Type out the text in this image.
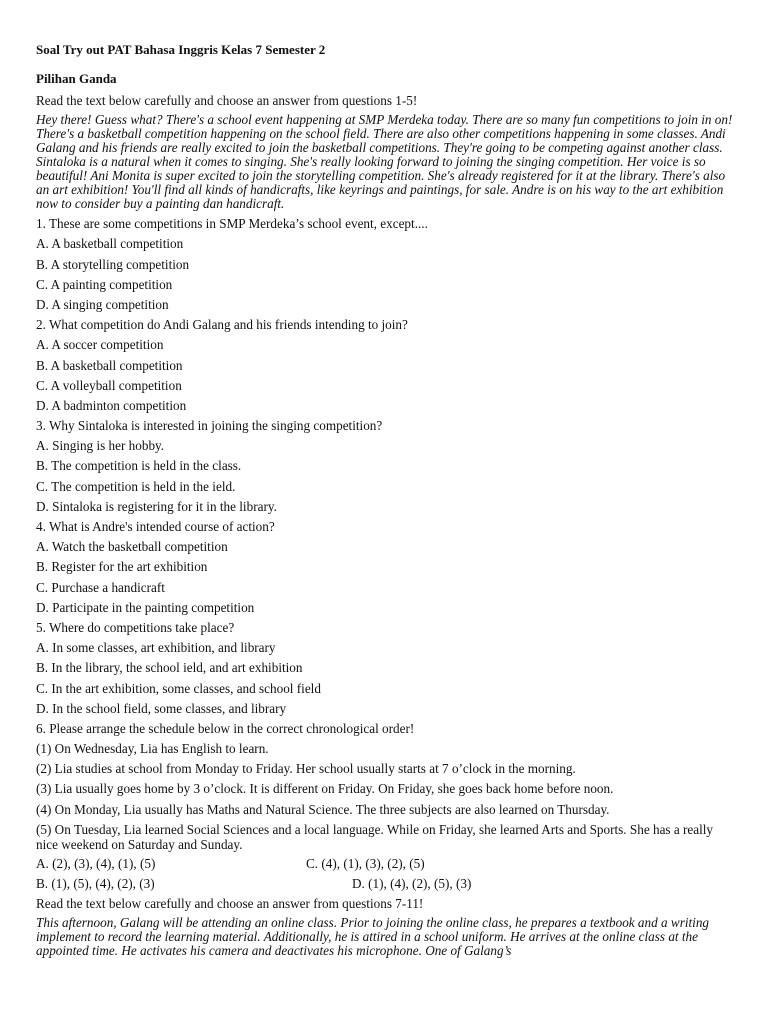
Soal Try out PAT Bahasa Inggris Kelas 7 Semester 2
Pilihan Ganda
Read the text below carefully and choose an answer from questions 1-5!
Hey there! Guess what? There's a school event happening at SMP Merdeka today. There are so many fun competitions to join in on! There's a basketball competition happening on the school field. There are also other competitions happening in some classes. Andi Galang and his friends are really excited to join the basketball competitions. They're going to be competing against another class. Sintaloka is a natural when it comes to singing. She's really looking forward to joining the singing competition. Her voice is so beautiful! Ani Monita is super excited to join the storytelling competition. She's already registered for it at the library. There's also an art exhibition! You'll find all kinds of handicrafts, like keyrings and paintings, for sale. Andre is on his way to the art exhibition now to consider buy a painting dan handicraft.
1. These are some competitions in SMP Merdeka’s school event, except....
A. A basketball competition
B. A storytelling competition
C. A painting competition
D. A singing competition
2. What competition do Andi Galang and his friends intending to join?
A. A soccer competition
B. A basketball competition
C. A volleyball competition
D. A badminton competition
3. Why Sintaloka is interested in joining the singing competition?
A. Singing is her hobby.
B. The competition is held in the class.
C. The competition is held in the ield.
D. Sintaloka is registering for it in the library.
4. What is Andre's intended course of action?
A. Watch the basketball competition
B. Register for the art exhibition
C. Purchase a handicraft
D. Participate in the painting competition
5. Where do competitions take place?
A. In some classes, art exhibition, and library
B. In the library, the school ield, and art exhibition
C. In the art exhibition, some classes, and school field
D. In the school field, some classes, and library
6. Please arrange the schedule below in the correct chronological order!
(1) On Wednesday, Lia has English to learn.
(2) Lia studies at school from Monday to Friday. Her school usually starts at 7 o’clock in the morning.
(3) Lia usually goes home by 3 o’clock. It is different on Friday. On Friday, she goes back home before noon.
(4) On Monday, Lia usually has Maths and Natural Science. The three subjects are also learned on Thursday.
(5) On Tuesday, Lia learned Social Sciences and a local language. While on Friday, she learned Arts and Sports. She has a really nice weekend on Saturday and Sunday.
A. (2), (3), (4), (1), (5)	C. (4), (1), (3), (2), (5)
B. (1), (5), (4), (2), (3)	D. (1), (4), (2), (5), (3)
Read the text below carefully and choose an answer from questions 7-11!
This afternoon, Galang will be attending an online class. Prior to joining the online class, he prepares a textbook and a writing implement to record the learning material. Additionally, he is attired in a school uniform. He arrives at the online class at the appointed time. He activates his camera and deactivates his microphone. One of Galang’s
